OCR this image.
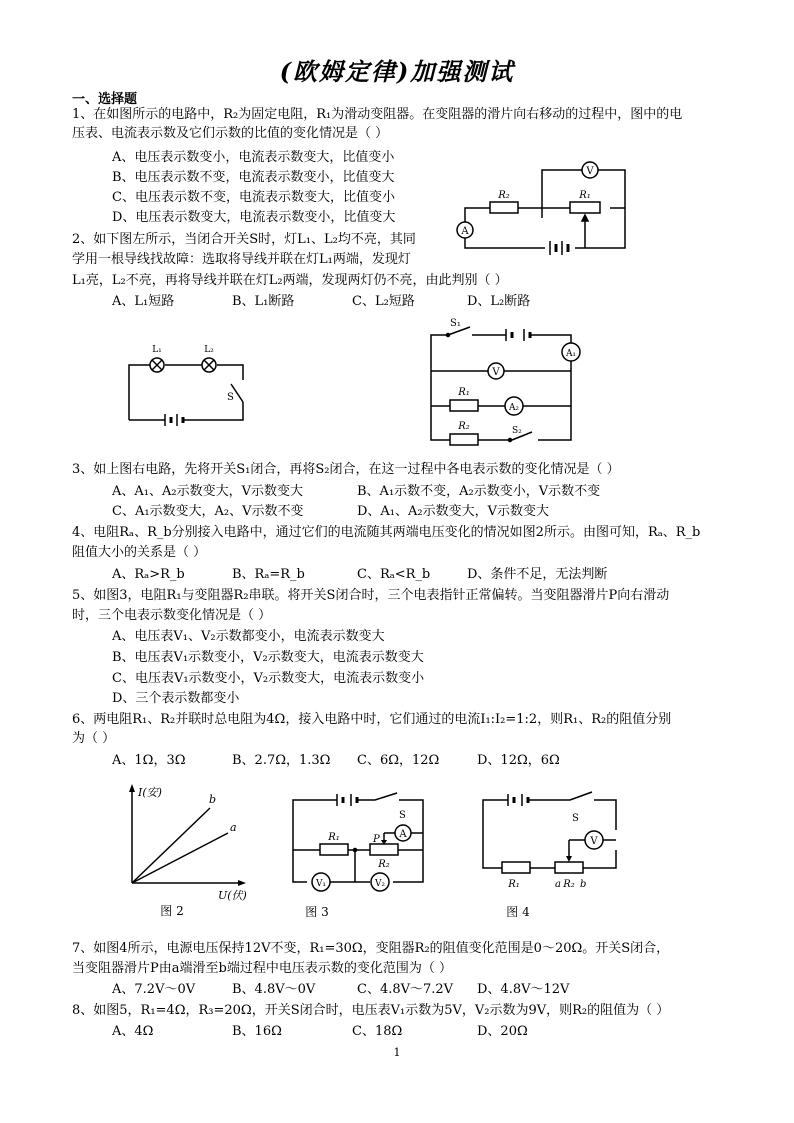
(欧姆定律)加强测试
一、选择题
1、在如图所示的电路中，R₂为固定电阻，R₁为滑动变阻器。在变阻器的滑片向右移动的过程中，图中的电
压表、电流表示数及它们示数的比值的变化情况是（ ）
A、电压表示数变小，电流表示数变大，比值变小
B、电压表示数不变，电流表示数变小，比值变大
C、电压表示数不变，电流表示数变大，比值变小
D、电压表示数变大，电流表示数变小，比值变大
A
V
R₂	R₁
2、如下图左所示，当闭合开关S时，灯L₁、L₂均不亮，其同
学用一根导线找故障：选取将导线并联在灯L₁两端，发现灯
L₁亮，L₂不亮，再将导线并联在灯L₂两端，发现两灯仍不亮，由此判别（ ）
A、L₁短路	B、L₁断路	C、L₂短路	D、L₂断路
L₁	L₂
S
A₁
V
A₂
R₁
R₂
S₁
S₂
3、如上图右电路，先将开关S₁闭合，再将S₂闭合，在这一过程中各电表示数的变化情况是（ ）
A、A₁、A₂示数变大，V示数变大	B、A₁示数不变，A₂示数变小，V示数不变
C、A₁示数变大，A₂、V示数不变	D、A₁、A₂示数变大，V示数变大
4、电阻Rₐ、R_b分别接入电路中，通过它们的电流随其两端电压变化的情况如图2所示。由图可知，Rₐ、R_b
阻值大小的关系是（ ）
A、Rₐ>R_b	B、Rₐ=R_b	C、Rₐ<R_b	D、条件不足，无法判断
5、如图3，电阻R₁与变阻器R₂串联。将开关S闭合时，三个电表指针正常偏转。当变阻器滑片P向右滑动
时，三个电表示数变化情况是（ ）
A、电压表V₁、V₂示数都变小，电流表示数变大
B、电压表V₁示数变小，V₂示数变大，电流表示数变大
C、电压表V₁示数变小，V₂示数变大，电流表示数变小
D、三个表示数都变小
6、两电阻R₁、R₂并联时总电阻为4Ω，接入电路中时，它们通过的电流I₁:I₂=1:2，则R₁、R₂的阻值分别
为（ ）
A、1Ω，3Ω	B、2.7Ω，1.3Ω C、6Ω，12Ω	D、12Ω，6Ω
I(安)
U(伏)
b
a
图 2
R₁	P
R₂
A
V₁	V₂
S
图 3
V
S
R₁	a R₂ b
图 4
7、如图4所示，电源电压保持12V不变，R₁=30Ω，变阻器R₂的阻值变化范围是0～20Ω。开关S闭合，
当变阻器滑片P由a端滑至b端过程中电压表示数的变化范围为（ ）
A、7.2V～0V	B、4.8V～0V	C、4.8V～7.2V D、4.8V～12V
8、如图5，R₁=4Ω，R₃=20Ω，开关S闭合时，电压表V₁示数为5V，V₂示数为9V，则R₂的阻值为（ ）
A、4Ω	B、16Ω	C、18Ω	D、20Ω
1
